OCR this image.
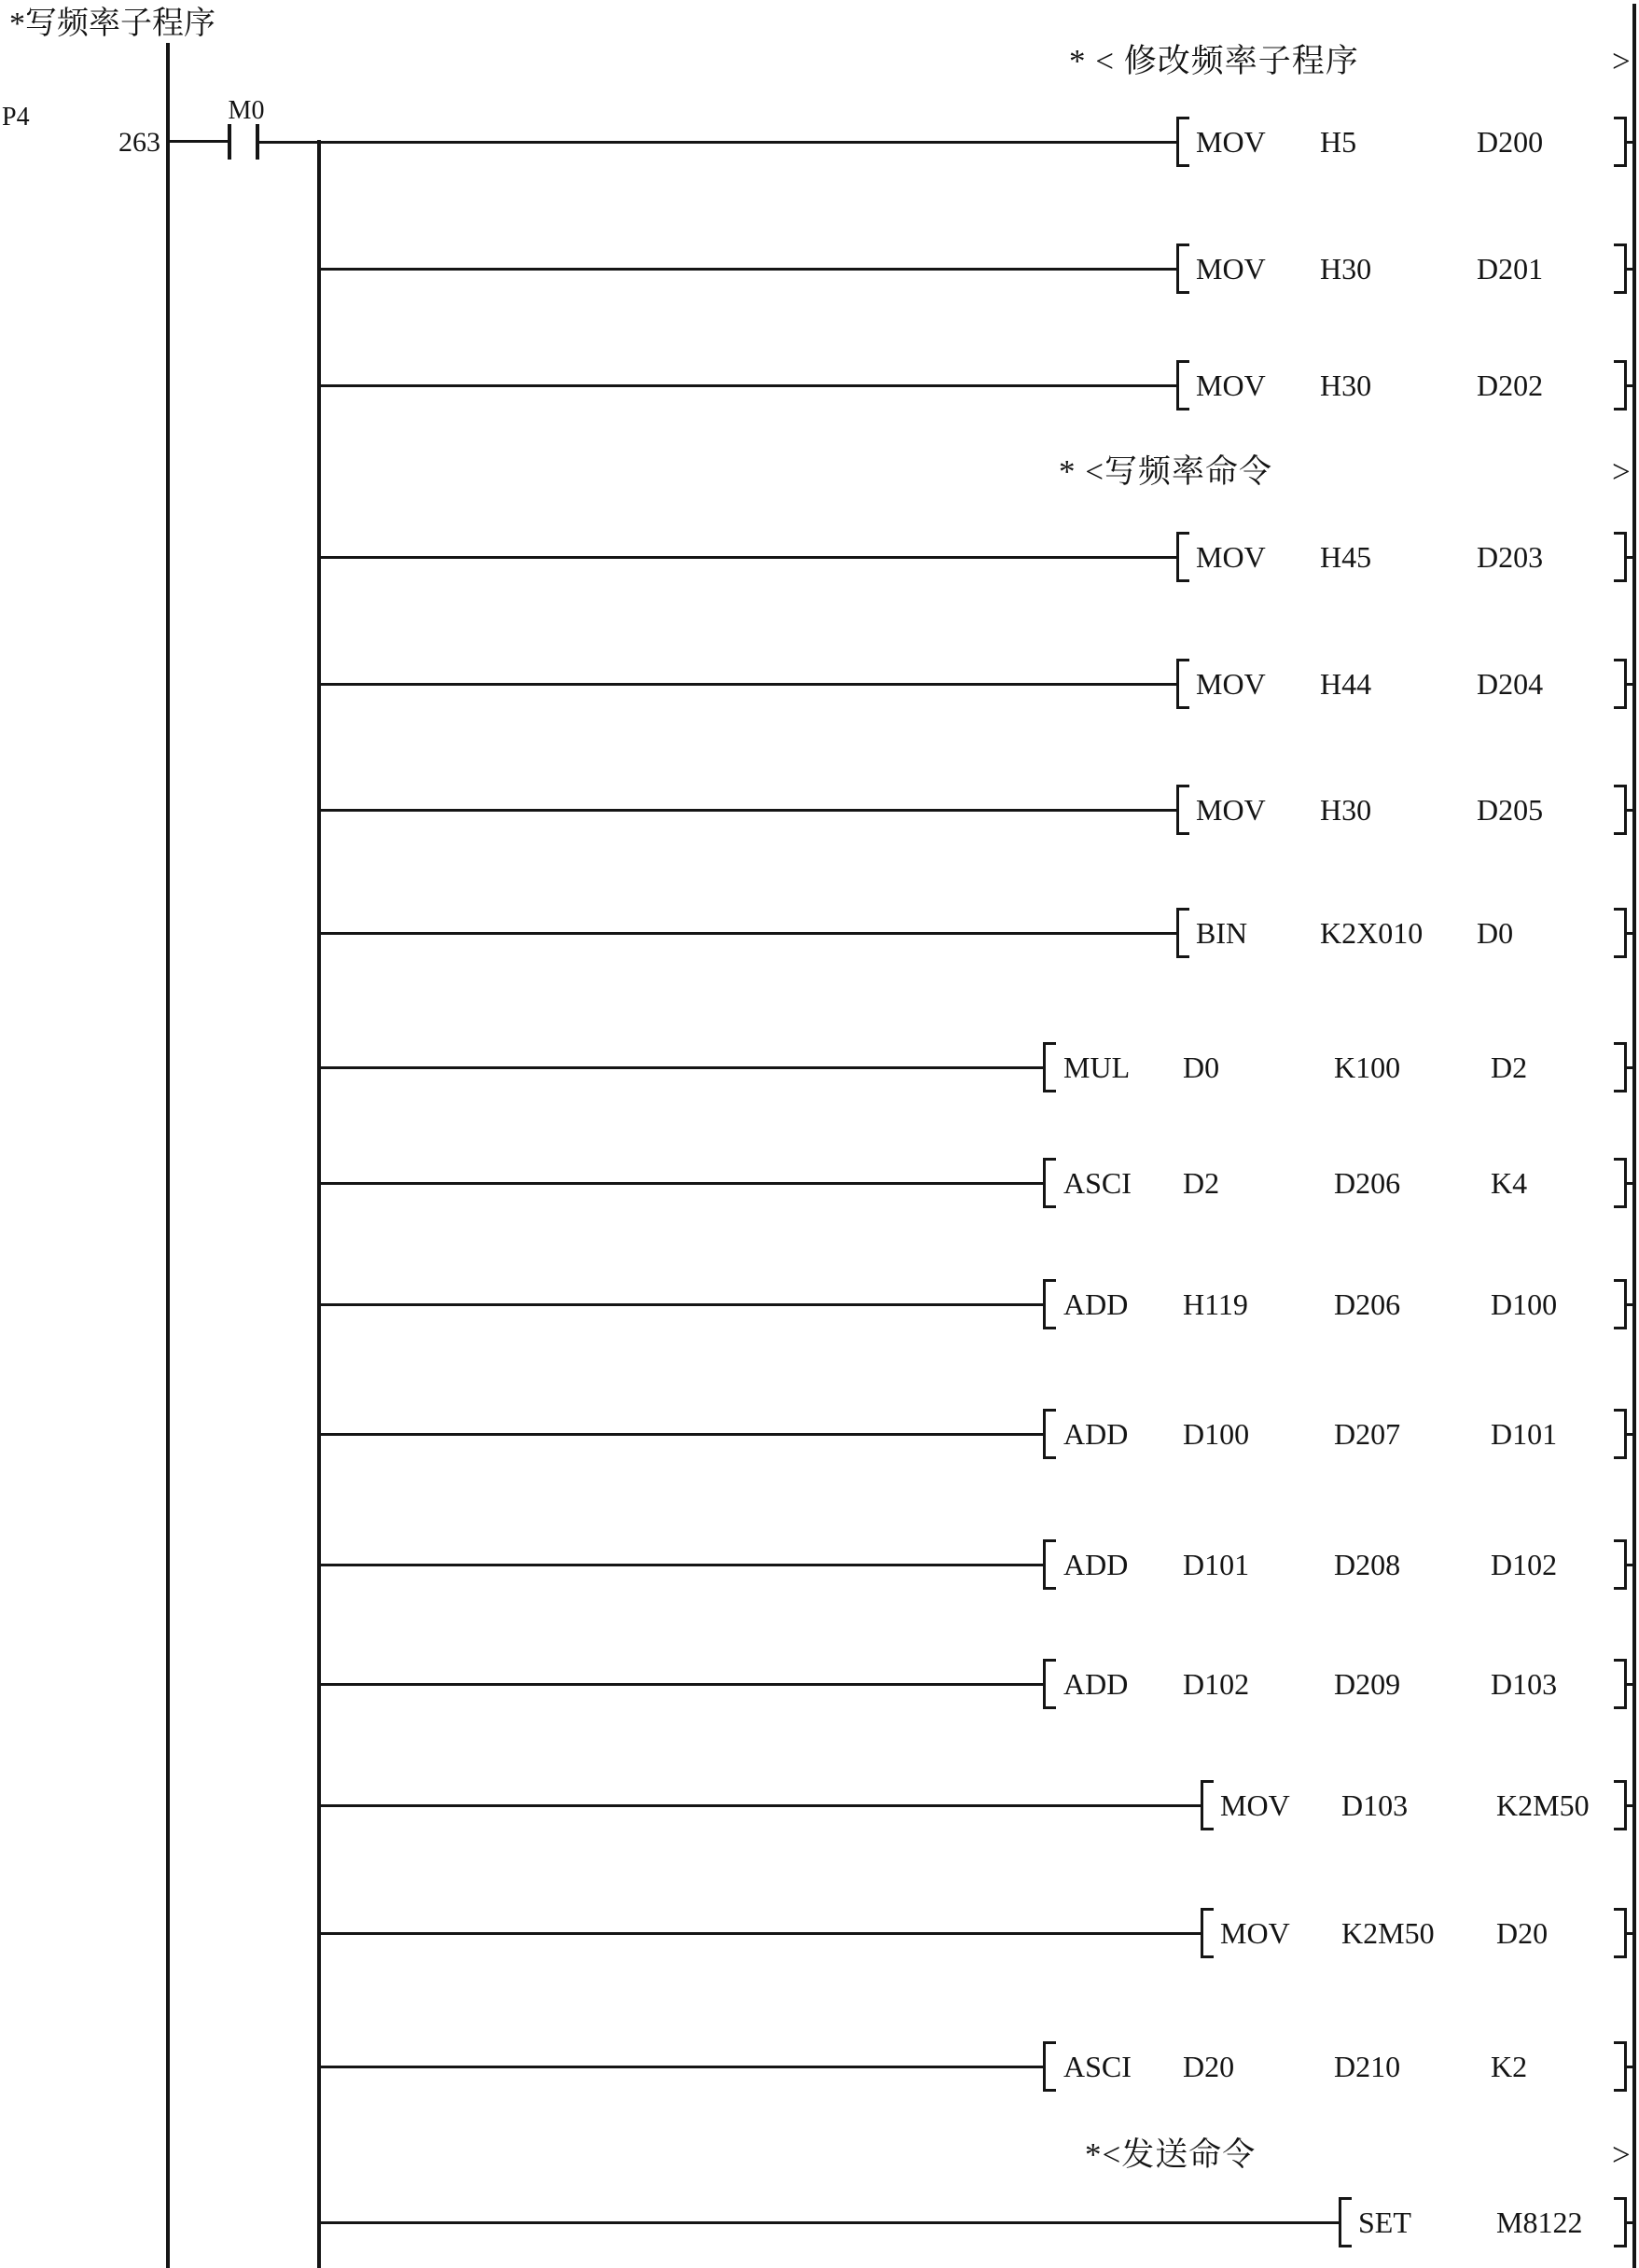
*写频率子程序
P4
263
M0
* < 修改频率子程序	>
MOV H5	D200
MOV H30	D201
MOV H30	D202
* <写频率命令	>
MOV H45	D203
MOV H44	D204
MOV H30	D205
BIN K2X010 D0
MUL D0	K100	D2
ASCI D2	D206	K4
ADD H119	D206	D100
ADD D100	D207	D101
ADD D101	D208	D102
ADD D102	D209	D103
MOV D103	K2M50
MOV K2M50 D20
ASCI D20	D210	K2
*<发送命令	>
SET	M8122
